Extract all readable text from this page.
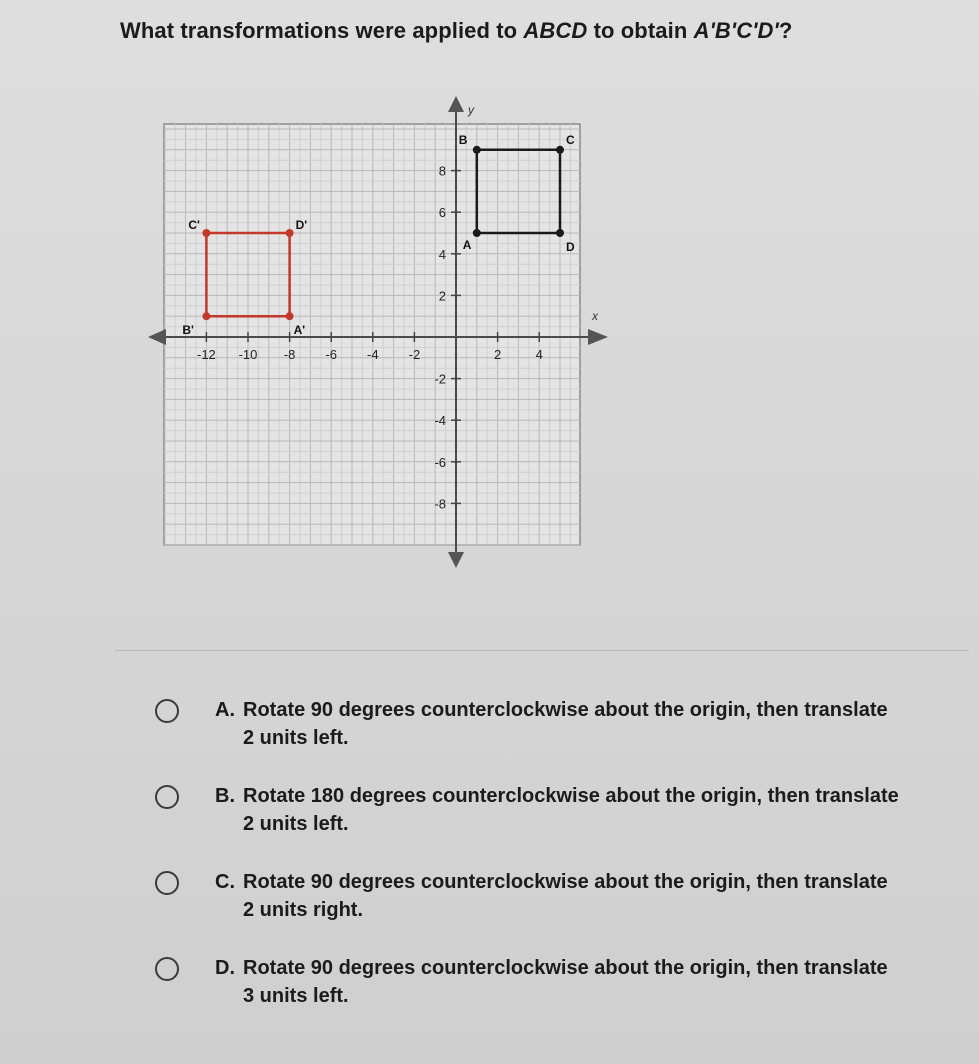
What transformations were applied to ABCD to obtain A'B'C'D'?
x
y
-12 -10 -8 -6 -4 -2	2	4
8
6
4
2
-2
-4
-6
-8
A
B	C
D
A'
B'
C'	D'
A. Rotate 90 degrees counterclockwise about the origin, then translate 2 units left.
B. Rotate 180 degrees counterclockwise about the origin, then translate 2 units left.
C. Rotate 90 degrees counterclockwise about the origin, then translate 2 units right.
D. Rotate 90 degrees counterclockwise about the origin, then translate 3 units left.
